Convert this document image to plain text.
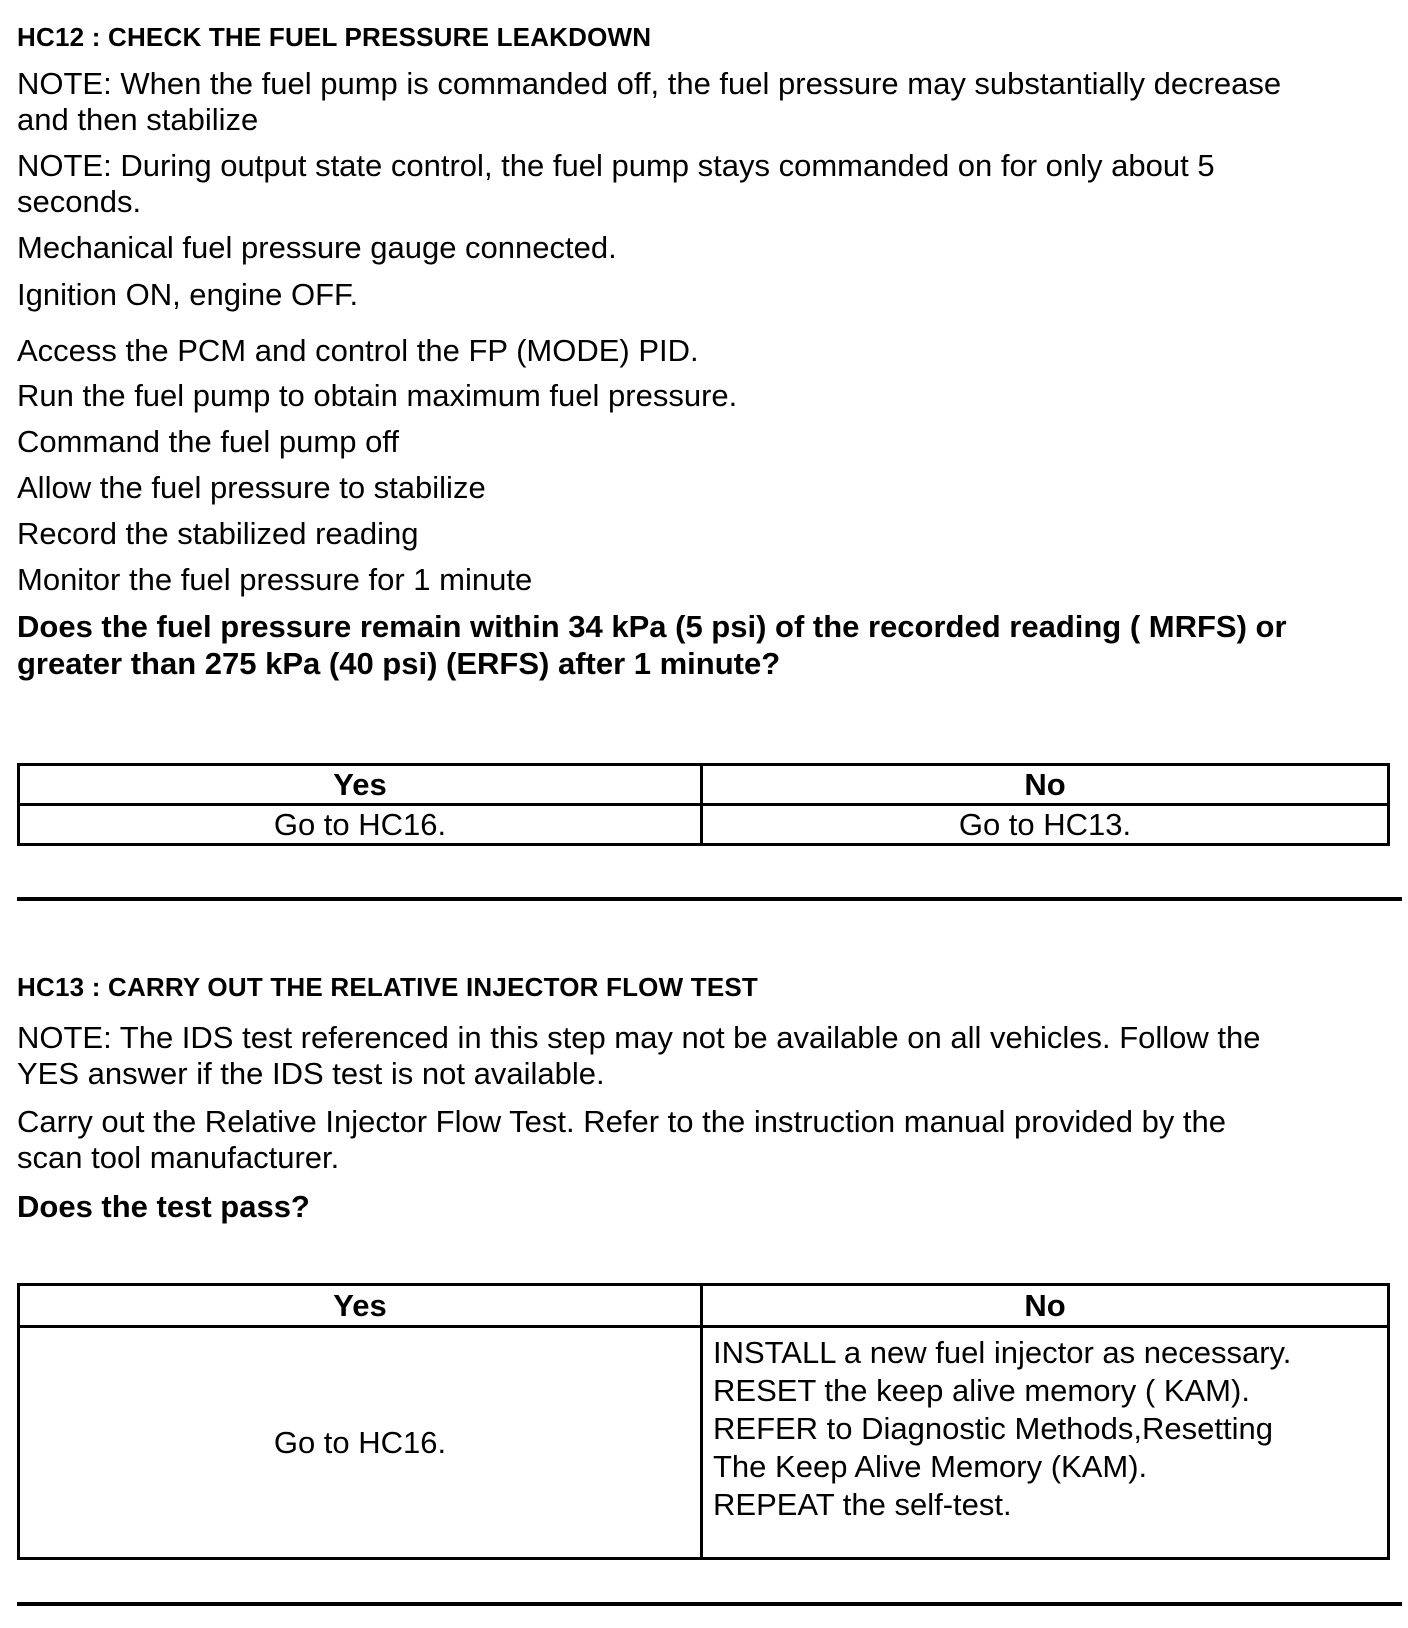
HC12 : CHECK THE FUEL PRESSURE LEAKDOWN
NOTE: When the fuel pump is commanded off, the fuel pressure may substantially decrease
and then stabilize
NOTE: During output state control, the fuel pump stays commanded on for only about 5
seconds.
Mechanical fuel pressure gauge connected.
Ignition ON, engine OFF.
Access the PCM and control the FP (MODE) PID.
Run the fuel pump to obtain maximum fuel pressure.
Command the fuel pump off
Allow the fuel pressure to stabilize
Record the stabilized reading
Monitor the fuel pressure for 1 minute
Does the fuel pressure remain within 34 kPa (5 psi) of the recorded reading ( MRFS) or
greater than 275 kPa (40 psi) (ERFS) after 1 minute?
Yes	No
Go to HC16.	Go to HC13.
HC13 : CARRY OUT THE RELATIVE INJECTOR FLOW TEST
NOTE: The IDS test referenced in this step may not be available on all vehicles. Follow the
YES answer if the IDS test is not available.
Carry out the Relative Injector Flow Test. Refer to the instruction manual provided by the
scan tool manufacturer.
Does the test pass?
Yes	No
Go to HC16.	INSTALL a new fuel injector as necessary.
RESET the keep alive memory ( KAM).
REFER to Diagnostic Methods,Resetting
The Keep Alive Memory (KAM).
REPEAT the self-test.
